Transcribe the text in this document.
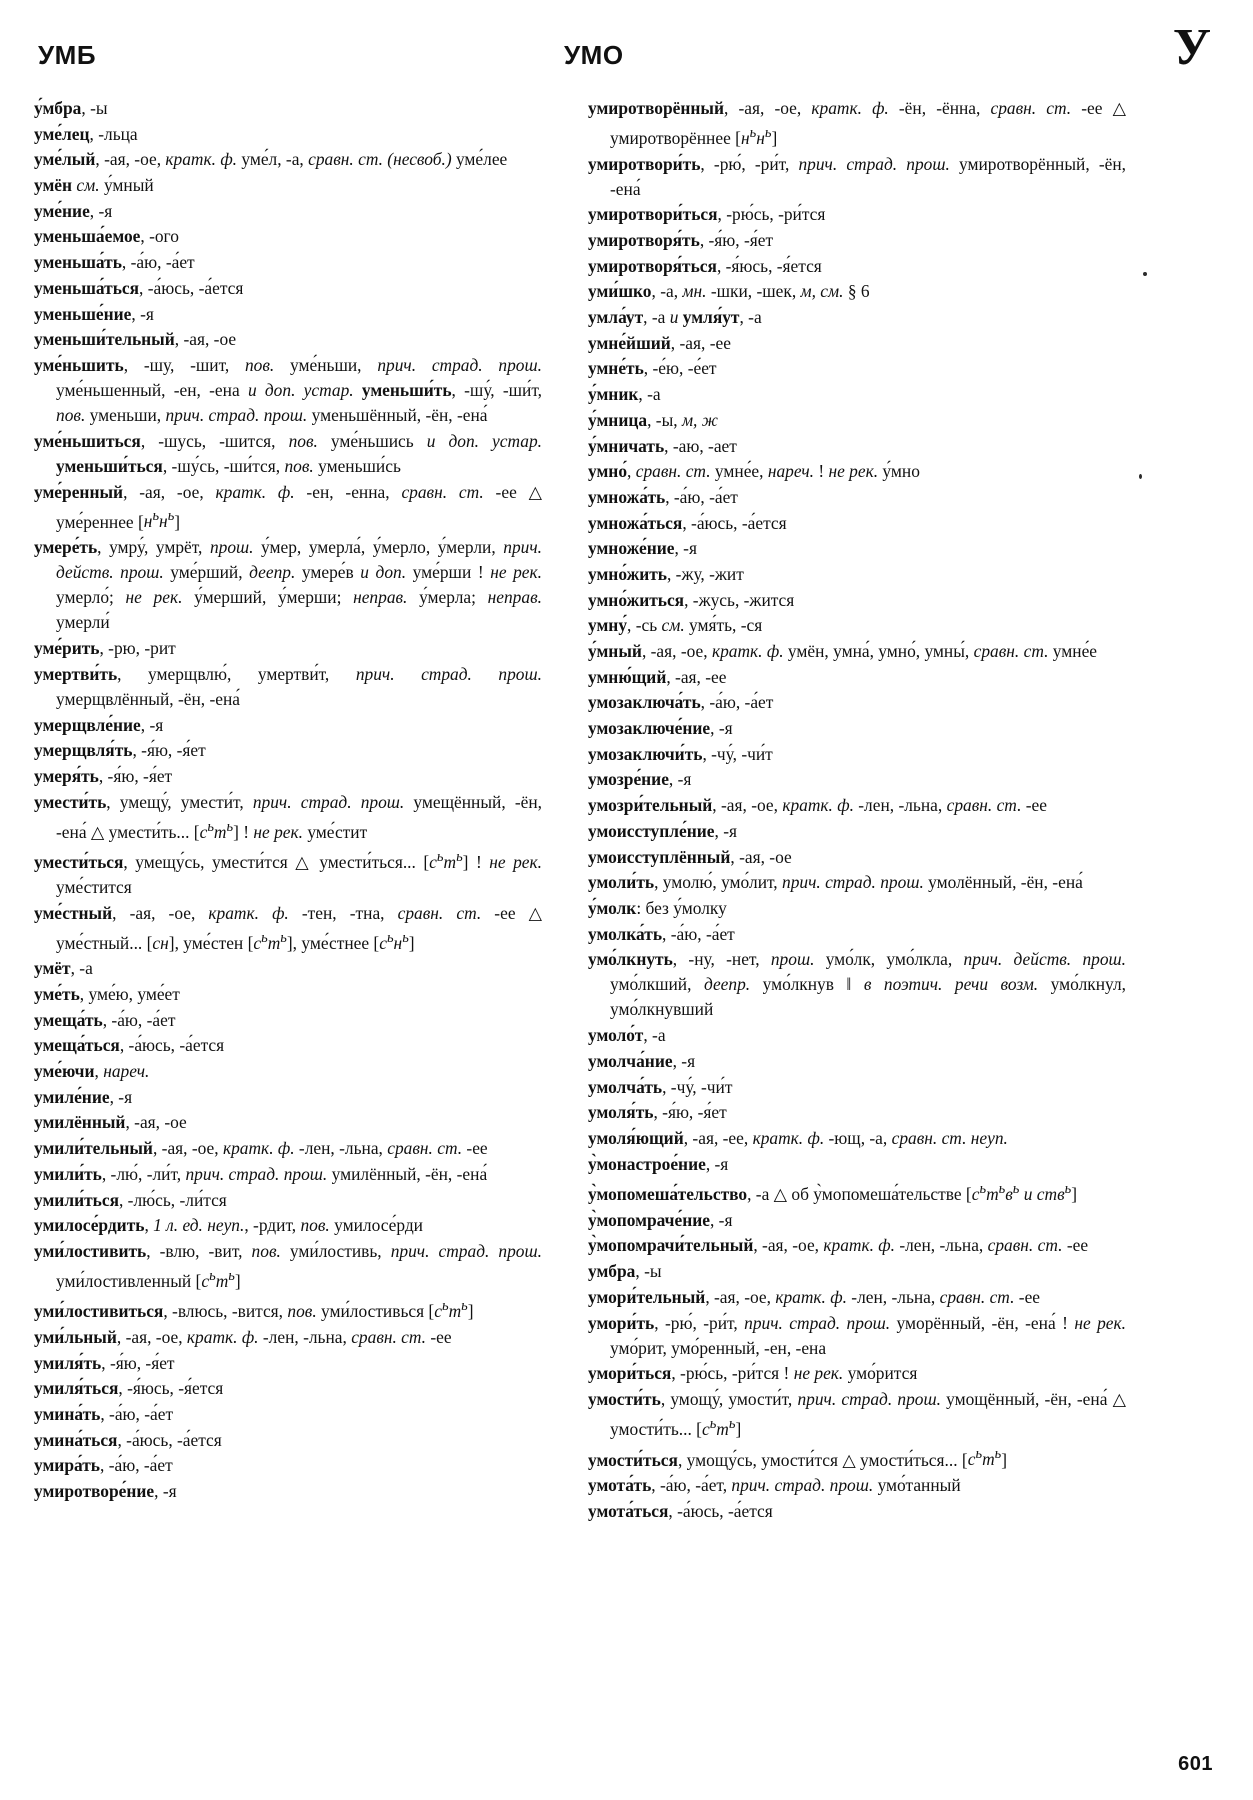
УМБ	УМО	У
у́мбра, -ы
уме́лец, -льца
уме́лый, -ая, -ое, кратк. ф. уме́л, -а, сравн. ст. (несвоб.) уме́лее
умён см. у́мный
уме́ние, -я
уменьша́емое, -ого
уменьша́ть, -а́ю, -а́ет
уменьша́ться, -а́юсь, -а́ется
уменьше́ние, -я
уменьши́тельный, -ая, -ое
уме́ньшить, -шу, -шит, пов. уме́ньши, прич. страд. прош. уме́ньшенный, -ен, -ена и доп. устар. уменьши́ть, -шу́, -ши́т, пов. уменьши, прич. страд. прош. уменьшённый, -ён, -ена́
уме́ньшиться, -шусь, -шится, пов. уме́ньшись и доп. устар. уменьши́ться, -шу́сь, -ши́тся, пов. уменьши́сь
уме́ренный, -ая, -ое, кратк. ф. -ен, -енна, сравн. ст. -ее △ уме́реннее $[н^ьн^ь]$
умере́ть, умру́, умрёт, прош. у́мер, умерла́, у́мерло, у́мерли, прич. действ. прош. уме́рший, деепр. умере́в и доп. уме́рши ! не рек. умерло́; не рек. у́мерший, у́мерши; неправ. у́мерла; неправ. умерли́
уме́рить, -рю, -рит
умертви́ть, умерщвлю́, умертви́т, прич. страд. прош. умерщвлённый, -ён, -ена́
умерщвле́ние, -я
умерщвля́ть, -я́ю, -я́ет
умеря́ть, -я́ю, -я́ет
умести́ть, умещу́, умести́т, прич. страд. прош. умещённый, -ён, -ена́ △ умести́ть... $[с^ьт^ь]$ ! не рек. уме́стит
умести́ться, умещу́сь, умести́тся △ умести́ться... $[с^ьт^ь]$ ! не рек. уме́стится
уме́стный, -ая, -ое, кратк. ф. -тен, -тна, сравн. ст. -ее △ уме́стный... [сн], уме́стен $[с^ьт^ь]$, уме́стнее $[с^ьн^ь]$
умёт, -а
уме́ть, уме́ю, уме́ет
умеща́ть, -а́ю, -а́ет
умеща́ться, -а́юсь, -а́ется
уме́ючи, нареч.
умиле́ние, -я
умилённый, -ая, -ое
умили́тельный, -ая, -ое, кратк. ф. -лен, -льна, сравн. ст. -ее
умили́ть, -лю́, -ли́т, прич. страд. прош. умилённый, -ён, -ена́
умили́ться, -лю́сь, -ли́тся
умилосе́рдить, 1 л. ед. неуп., -рдит, пов. умилосе́рди
уми́лостивить, -влю, -вит, пов. уми́лостивь, прич. страд. прош. уми́лостивленный $[с^ьт^ь]$
уми́лостивиться, -влюсь, -вится, пов. уми́лостивься $[с^ьт^ь]$
уми́льный, -ая, -ое, кратк. ф. -лен, -льна, сравн. ст. -ее
умиля́ть, -я́ю, -я́ет
умиля́ться, -я́юсь, -я́ется
умина́ть, -а́ю, -а́ет
умина́ться, -а́юсь, -а́ется
умира́ть, -а́ю, -а́ет
умиротворе́ние, -я
умиротворённый, -ая, -ое, кратк. ф. -ён, -ённа, сравн. ст. -ее △ умиротворённее $[н^ьн^ь]$
умиротвори́ть, -рю́, -ри́т, прич. страд. прош. умиротворённый, -ён, -ена́
умиротвори́ться, -рю́сь, -ри́тся
умиротворя́ть, -я́ю, -я́ет
умиротворя́ться, -я́юсь, -я́ется
уми́шко, -а, мн. -шки, -шек, м, см. § 6
умла́ут, -а и умля́ут, -а
умне́йший, -ая, -ее
умне́ть, -е́ю, -е́ет
у́мник, -а
у́мница, -ы, м, ж
у́мничать, -аю, -ает
умно́, сравн. ст. умне́е, нареч. ! не рек. у́мно
умножа́ть, -а́ю, -а́ет
умножа́ться, -а́юсь, -а́ется
умноже́ние, -я
умно́жить, -жу, -жит
умно́житься, -жусь, -жится
умну́, -сь см. умя́ть, -ся
у́мный, -ая, -ое, кратк. ф. умён, умна́, умно́, умны́, сравн. ст. умне́е
умню́щий, -ая, -ее
умозаключа́ть, -а́ю, -а́ет
умозаключе́ние, -я
умозаключи́ть, -чу́, -чи́т
умозре́ние, -я
умозри́тельный, -ая, -ое, кратк. ф. -лен, -льна, сравн. ст. -ее
умоисступле́ние, -я
умоисступлённый, -ая, -ое
умоли́ть, умолю́, умо́лит, прич. страд. прош. умолённый, -ён, -ена́
у́молк: без у́молку
умолка́ть, -а́ю, -а́ет
умо́лкнуть, -ну, -нет, прош. умо́лк, умо́лкла, прич. действ. прош. умо́лкший, деепр. умо́лкнув ‖ в поэтич. речи возм. умо́лкнул, умо́лкнувший
умоло́т, -а
умолча́ние, -я
умолча́ть, -чу́, -чи́т
умоля́ть, -я́ю, -я́ет
умоля́ющий, -ая, -ее, кратк. ф. -ющ, -а, сравн. ст. неуп.
у̀монастрое́ние, -я
у̀мопомеша́тельство, -а △ об у̀мопомеша́тельстве [$с^ьт^ьв^ь$ и ств$^ь$]
у̀мопомраче́ние, -я
у̀мопомрачи́тельный, -ая, -ое, кратк. ф. -лен, -льна, сравн. ст. -ее
умбра, -ы
умори́тельный, -ая, -ое, кратк. ф. -лен, -льна, сравн. ст. -ее
умори́ть, -рю́, -ри́т, прич. страд. прош. уморённый, -ён, -ена́ ! не рек. умо́рит, умо́ренный, -ен, -ена
умори́ться, -рю́сь, -ри́тся ! не рек. умо́рится
умости́ть, умощу́, умости́т, прич. страд. прош. умощённый, -ён, -ена́ △ умости́ть... $[с^ьт^ь]$
умости́ться, умощу́сь, умости́тся △ умости́ться... $[с^ьт^ь]$
умота́ть, -а́ю, -а́ет, прич. страд. прош. умо́танный
умота́ться, -а́юсь, -а́ется
601
